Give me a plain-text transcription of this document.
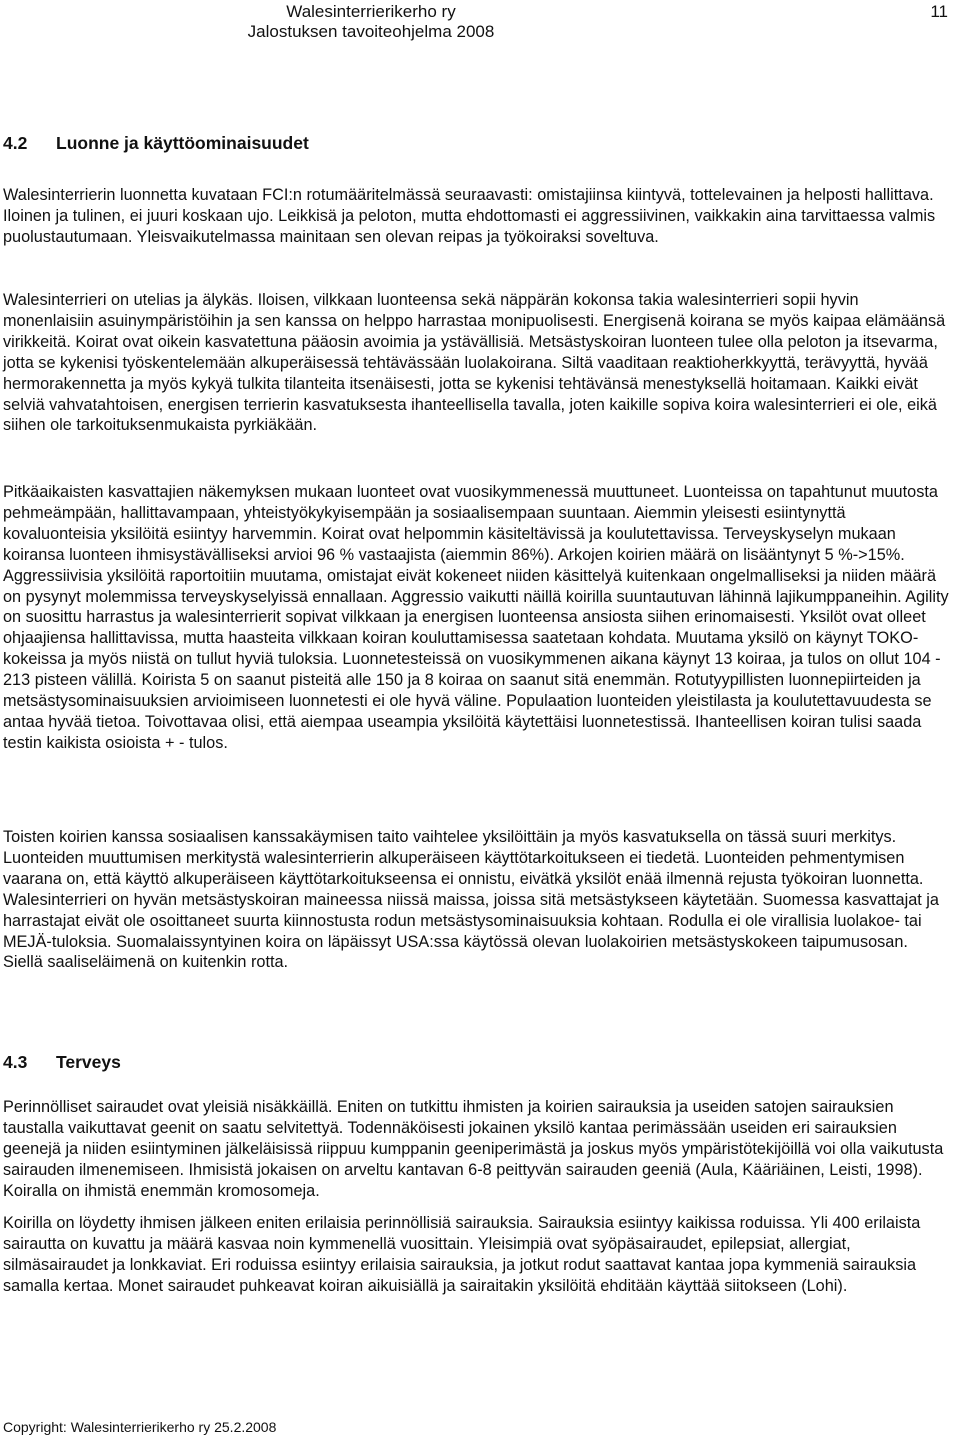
Walesinterrierikerho ry
Jalostuksen tavoiteohjelma 2008
11
4.2 Luonne ja käyttöominaisuudet

Walesinterrierin luonnetta kuvataan FCI:n rotumääritelmässä seuraavasti: omistajiinsa kiintyvä, tottelevainen ja helposti hallittava. Iloinen ja tulinen, ei juuri koskaan ujo. Leikkisä ja peloton, mutta ehdottomasti ei aggressiivinen, vaikkakin aina tarvittaessa valmis puolustautumaan. Yleisvaikutelmassa mainitaan sen olevan reipas ja työkoiraksi soveltuva.

Walesinterrieri on utelias ja älykäs. Iloisen, vilkkaan luonteensa sekä näppärän kokonsa takia walesinterrieri sopii hyvin monenlaisiin asuinympäristöihin ja sen kanssa on helppo harrastaa monipuolisesti. Energisenä koirana se myös kaipaa elämäänsä virikkeitä. Koirat ovat oikein kasvatettuna pääosin avoimia ja ystävällisiä. Metsästyskoiran luonteen tulee olla peloton ja itsevarma, jotta se kykenisi työskentelemään alkuperäisessä tehtävässään luolakoirana. Siltä vaaditaan reaktioherkkyyttä, terävyyttä, hyvää hermorakennetta ja myös kykyä tulkita tilanteita itsenäisesti, jotta se kykenisi tehtävänsä menestyksellä hoitamaan. Kaikki eivät selviä vahvatahtoisen, energisen terrierin kasvatuksesta ihanteellisella tavalla, joten kaikille sopiva koira walesinterrieri ei ole, eikä siihen ole tarkoituksenmukaista pyrkiäkään.

Pitkäaikaisten kasvattajien näkemyksen mukaan luonteet ovat vuosikymmenessä muuttuneet. Luonteissa on tapahtunut muutosta pehmeämpään, hallittavampaan, yhteistyökykyisempään ja sosiaalisempaan suuntaan. Aiemmin yleisesti esiintynyttä kovaluonteisia yksilöitä esiintyy harvemmin. Koirat ovat helpommin käsiteltävissä ja koulutettavissa. Terveyskyselyn mukaan koiransa luonteen ihmisystävälliseksi arvioi 96 % vastaajista (aiemmin 86%). Arkojen koirien määrä on lisääntynyt 5 %->15%. Aggressiivisia yksilöitä raportoitiin muutama, omistajat eivät kokeneet niiden käsittelyä kuitenkaan ongelmalliseksi ja niiden määrä on pysynyt molemmissa terveyskyselyissä ennallaan. Aggressio vaikutti näillä koirilla suuntautuvan lähinnä lajikumppaneihin. Agility on suosittu harrastus ja walesinterrierit sopivat vilkkaan ja energisen luonteensa ansiosta siihen erinomaisesti. Yksilöt ovat olleet ohjaajiensa hallittavissa, mutta haasteita vilkkaan koiran kouluttamisessa saatetaan kohdata. Muutama yksilö on käynyt TOKO- kokeissa ja myös niistä on tullut hyviä tuloksia. Luonnetesteissä on vuosikymmenen aikana käynyt 13 koiraa, ja tulos on ollut 104 - 213 pisteen välillä. Koirista 5 on saanut pisteitä alle 150 ja 8 koiraa on saanut sitä enemmän. Rotutyypillisten luonnepiirteiden ja metsästysominaisuuksien arvioimiseen luonnetesti ei ole hyvä väline. Populaation luonteiden yleistilasta ja koulutettavuudesta se antaa hyvää tietoa. Toivottavaa olisi, että aiempaa useampia yksilöitä käytettäisi luonnetestissä. Ihanteellisen koiran tulisi saada testin kaikista osioista + - tulos.

Toisten koirien kanssa sosiaalisen kanssakäymisen taito vaihtelee yksilöittäin ja myös kasvatuksella on tässä suuri merkitys. Luonteiden muuttumisen merkitystä walesinterrierin alkuperäiseen käyttötarkoitukseen ei tiedetä. Luonteiden pehmentymisen vaarana on, että käyttö alkuperäiseen käyttötarkoitukseensa ei onnistu, eivätkä yksilöt enää ilmennä rejusta työkoiran luonnetta. Walesinterrieri on hyvän metsästyskoiran maineessa niissä maissa, joissa sitä metsästykseen käytetään. Suomessa kasvattajat ja harrastajat eivät ole osoittaneet suurta kiinnostusta rodun metsästysominaisuuksia kohtaan. Rodulla ei ole virallisia luolakoe- tai MEJÄ-tuloksia. Suomalaissyntyinen koira on läpäissyt USA:ssa käytössä olevan luolakoirien metsästyskokeen taipumusosan. Siellä saaliseläimenä on kuitenkin rotta.

4.3 Terveys

Perinnölliset sairaudet ovat yleisiä nisäkkäillä. Eniten on tutkittu ihmisten ja koirien sairauksia ja useiden satojen sairauksien taustalla vaikuttavat geenit on saatu selvitettyä. Todennäköisesti jokainen yksilö kantaa perimässään useiden eri sairauksien geenejä ja niiden esiintyminen jälkeläisissä riippuu kumppanin geeniperimästä ja joskus myös ympäristötekijöillä voi olla vaikutusta sairauden ilmenemiseen. Ihmisistä jokaisen on arveltu kantavan 6-8 peittyvän sairauden geeniä (Aula, Kääriäinen, Leisti, 1998). Koiralla on ihmistä enemmän kromosomeja.

Koirilla on löydetty ihmisen jälkeen eniten erilaisia perinnöllisiä sairauksia. Sairauksia esiintyy kaikissa roduissa. Yli 400 erilaista sairautta on kuvattu ja määrä kasvaa noin kymmenellä vuosittain. Yleisimpiä ovat syöpäsairaudet, epilepsiat, allergiat, silmäsairaudet ja lonkkaviat. Eri roduissa esiintyy erilaisia sairauksia, ja jotkut rodut saattavat kantaa jopa kymmeniä sairauksia samalla kertaa. Monet sairaudet puhkeavat koiran aikuisiällä ja sairaitakin yksilöitä ehditään käyttää siitokseen (Lohi).

Copyright: Walesinterrierikerho ry 25.2.2008
